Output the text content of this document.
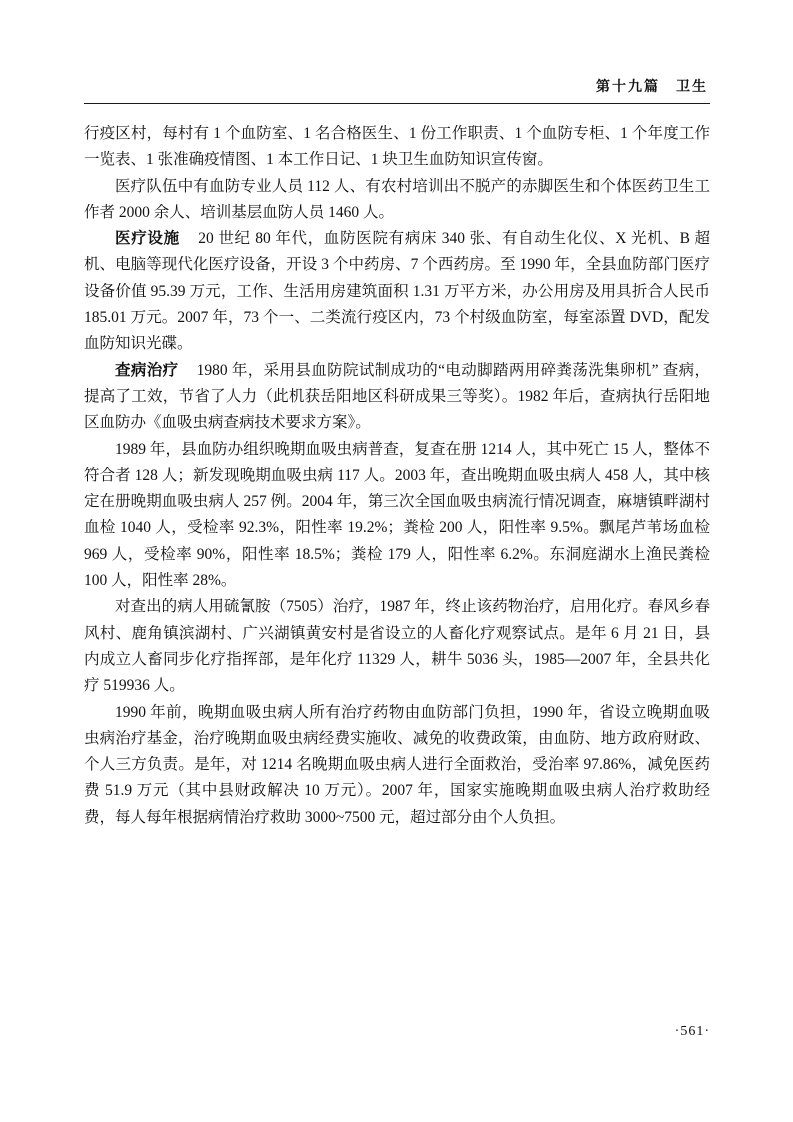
第十九篇　卫生

行疫区村，每村有 1 个血防室、1 名合格医生、1 份工作职责、1 个血防专柜、1 个年度工作一览表、1 张准确疫情图、1 本工作日记、1 块卫生血防知识宣传窗。

医疗队伍中有血防专业人员 112 人、有农村培训出不脱产的赤脚医生和个体医药卫生工作者 2000 余人、培训基层血防人员 1460 人。

医疗设施 20 世纪 80 年代，血防医院有病床 340 张、有自动生化仪、X 光机、B 超机、电脑等现代化医疗设备，开设 3 个中药房、7 个西药房。至 1990 年，全县血防部门医疗设备价值 95.39 万元，工作、生活用房建筑面积 1.31 万平方米，办公用房及用具折合人民币 185.01 万元。2007 年，73 个一、二类流行疫区内，73 个村级血防室，每室添置 DVD，配发血防知识光碟。

查病治疗 1980 年，采用县血防院试制成功的“电动脚踏两用碎粪荡洗集卵机” 查病，提高了工效，节省了人力（此机获岳阳地区科研成果三等奖）。1982 年后，查病执行岳阳地区血防办《血吸虫病查病技术要求方案》。

1989 年，县血防办组织晚期血吸虫病普查，复查在册 1214 人，其中死亡 15 人，整体不符合者 128 人；新发现晚期血吸虫病 117 人。2003 年，查出晚期血吸虫病人 458 人，其中核定在册晚期血吸虫病人 257 例。2004 年，第三次全国血吸虫病流行情况调查，麻塘镇畔湖村血检 1040 人，受检率 92.3%，阳性率 19.2%；粪检 200 人，阳性率 9.5%。飘尾芦苇场血检 969 人，受检率 90%，阳性率 18.5%；粪检 179 人，阳性率 6.2%。东洞庭湖水上渔民粪检 100 人，阳性率 28%。

对查出的病人用硫氰胺（7505）治疗，1987 年，终止该药物治疗，启用化疗。春风乡春风村、鹿角镇滨湖村、广兴湖镇黄安村是省设立的人畜化疗观察试点。是年 6 月 21 日，县内成立人畜同步化疗指挥部，是年化疗 11329 人，耕牛 5036 头，1985—2007 年，全县共化疗 519936 人。

1990 年前，晚期血吸虫病人所有治疗药物由血防部门负担，1990 年，省设立晚期血吸虫病治疗基金，治疗晚期血吸虫病经费实施收、减免的收费政策，由血防、地方政府财政、个人三方负责。是年，对 1214 名晚期血吸虫病人进行全面救治，受治率 97.86%，减免医药费 51.9 万元（其中县财政解决 10 万元）。2007 年，国家实施晚期血吸虫病人治疗救助经费，每人每年根据病情治疗救助 3000~7500 元，超过部分由个人负担。

·561·
